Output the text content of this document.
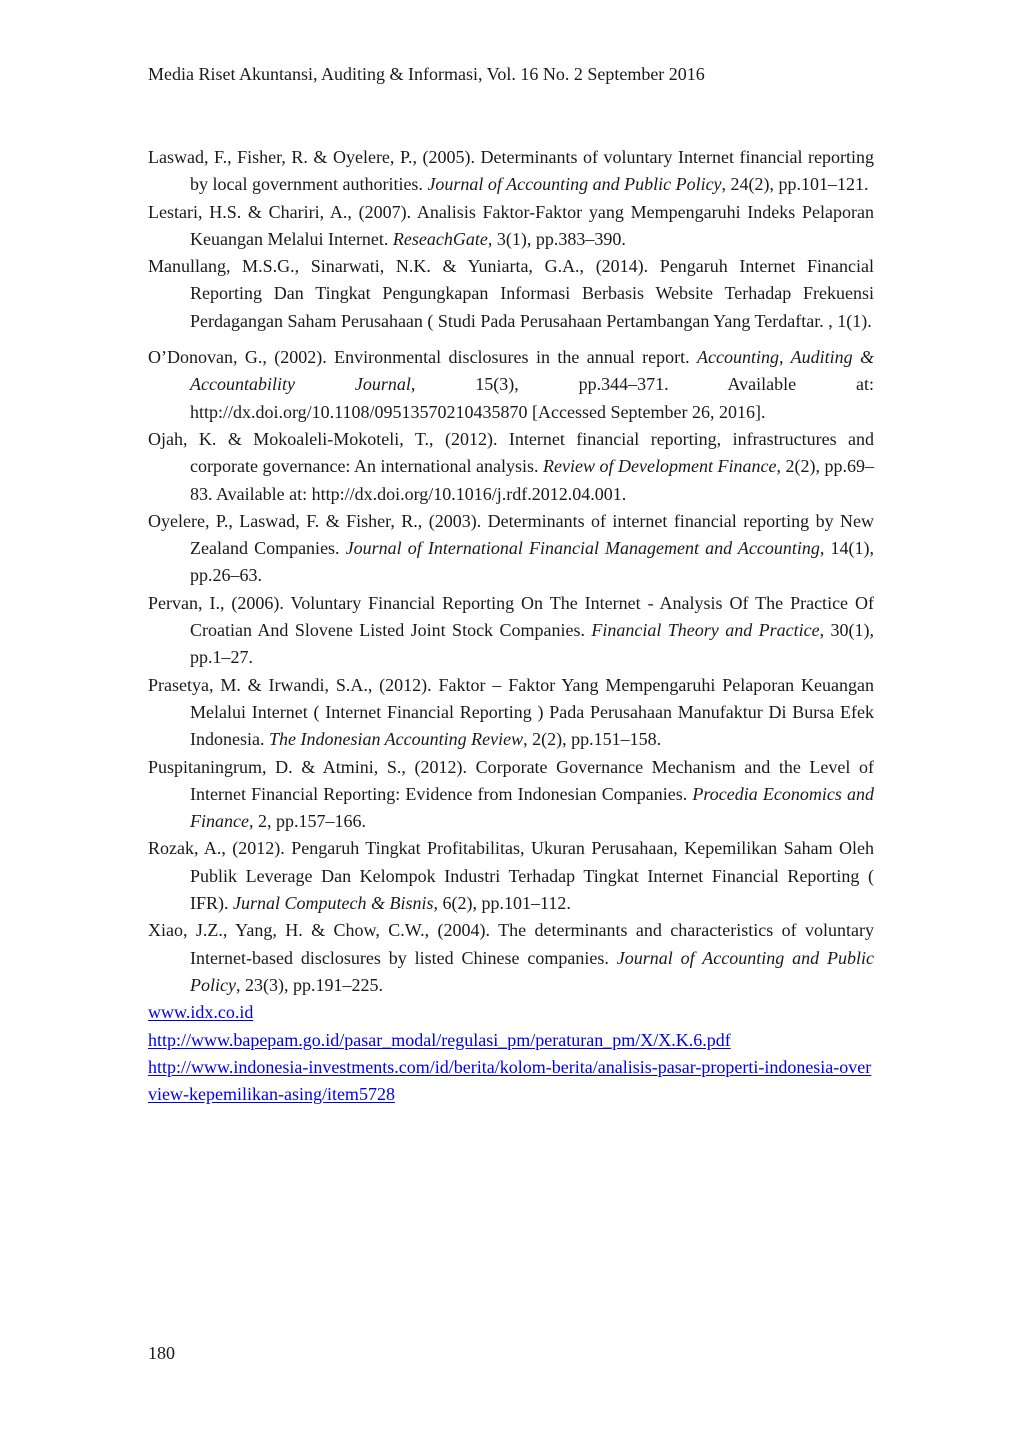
Media Riset Akuntansi, Auditing & Informasi, Vol. 16 No. 2 September 2016

Laswad, F., Fisher, R. & Oyelere, P., (2005). Determinants of voluntary Internet financial reporting by local government authorities. Journal of Accounting and Public Policy, 24(2), pp.101–121.

Lestari, H.S. & Chariri, A., (2007). Analisis Faktor-Faktor yang Mempengaruhi Indeks Pelaporan Keuangan Melalui Internet. ReseachGate, 3(1), pp.383–390.

Manullang, M.S.G., Sinarwati, N.K. & Yuniarta, G.A., (2014). Pengaruh Internet Financial Reporting Dan Tingkat Pengungkapan Informasi Berbasis Website Terhadap Frekuensi Perdagangan Saham Perusahaan ( Studi Pada Perusahaan Pertambangan Yang Terdaftar. , 1(1).

O’Donovan, G., (2002). Environmental disclosures in the annual report. Accounting, Auditing & Accountability Journal, 15(3), pp.344–371. Available at: http://dx.doi.org/10.1108/09513570210435870 [Accessed September 26, 2016].

Ojah, K. & Mokoaleli-Mokoteli, T., (2012). Internet financial reporting, infrastructures and corporate governance: An international analysis. Review of Development Finance, 2(2), pp.69–83. Available at: http://dx.doi.org/10.1016/j.rdf.2012.04.001.

Oyelere, P., Laswad, F. & Fisher, R., (2003). Determinants of internet financial reporting by New Zealand Companies. Journal of International Financial Management and Accounting, 14(1), pp.26–63.

Pervan, I., (2006). Voluntary Financial Reporting On The Internet - Analysis Of The Practice Of Croatian And Slovene Listed Joint Stock Companies. Financial Theory and Practice, 30(1), pp.1–27.

Prasetya, M. & Irwandi, S.A., (2012). Faktor – Faktor Yang Mempengaruhi Pelaporan Keuangan Melalui Internet ( Internet Financial Reporting ) Pada Perusahaan Manufaktur Di Bursa Efek Indonesia. The Indonesian Accounting Review, 2(2), pp.151–158.

Puspitaningrum, D. & Atmini, S., (2012). Corporate Governance Mechanism and the Level of Internet Financial Reporting: Evidence from Indonesian Companies. Procedia Economics and Finance, 2, pp.157–166.

Rozak, A., (2012). Pengaruh Tingkat Profitabilitas, Ukuran Perusahaan, Kepemilikan Saham Oleh Publik Leverage Dan Kelompok Industri Terhadap Tingkat Internet Financial Reporting ( IFR). Jurnal Computech & Bisnis, 6(2), pp.101–112.

Xiao, J.Z., Yang, H. & Chow, C.W., (2004). The determinants and characteristics of voluntary Internet-based disclosures by listed Chinese companies. Journal of Accounting and Public Policy, 23(3), pp.191–225.

www.idx.co.id
http://www.bapepam.go.id/pasar_modal/regulasi_pm/peraturan_pm/X/X.K.6.pdf
http://www.indonesia-investments.com/id/berita/kolom-berita/analisis-pasar-properti-indonesia-overview-kepemilikan-asing/item5728
180
